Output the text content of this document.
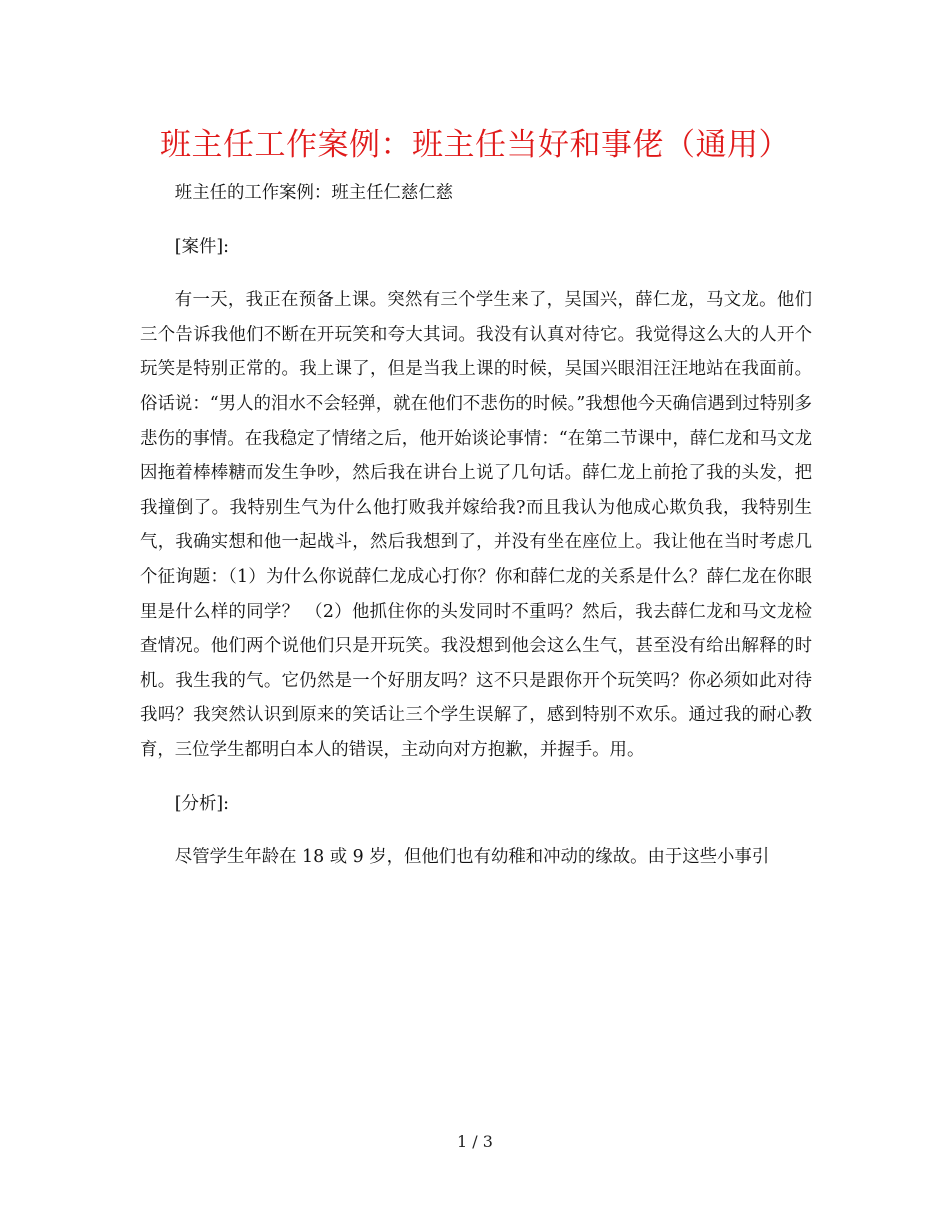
班主任工作案例：班主任当好和事佬（通用）

班主任的工作案例：班主任仁慈仁慈

[案件]:

有一天，我正在预备上课。突然有三个学生来了，吴国兴，薛仁龙，马文龙。他们三个告诉我他们不断在开玩笑和夸大其词。我没有认真对待它。我觉得这么大的人开个玩笑是特别正常的。我上课了，但是当我上课的时候，吴国兴眼泪汪汪地站在我面前。俗话说：“男人的泪水不会轻弹，就在他们不悲伤的时候。”我想他今天确信遇到过特别多悲伤的事情。在我稳定了情绪之后，他开始谈论事情：“在第二节课中，薛仁龙和马文龙因拖着棒棒糖而发生争吵，然后我在讲台上说了几句话。薛仁龙上前抢了我的头发，把我撞倒了。我特别生气为什么他打败我并嫁给我?而且我认为他成心欺负我，我特别生气，我确实想和他一起战斗，然后我想到了，并没有坐在座位上。我让他在当时考虑几个征询题：（1）为什么你说薛仁龙成心打你？你和薛仁龙的关系是什么？薛仁龙在你眼里是什么样的同学？ （2）他抓住你的头发同时不重吗？然后，我去薛仁龙和马文龙检查情况。他们两个说他们只是开玩笑。我没想到他会这么生气，甚至没有给出解释的时机。我生我的气。它仍然是一个好朋友吗？这不只是跟你开个玩笑吗？你必须如此对待我吗？我突然认识到原来的笑话让三个学生误解了，感到特别不欢乐。通过我的耐心教育，三位学生都明白本人的错误，主动向对方抱歉，并握手。用。

[分析]:

尽管学生年龄在 18 或 9 岁，但他们也有幼稚和冲动的缘故。由于这些小事引

1 / 3
